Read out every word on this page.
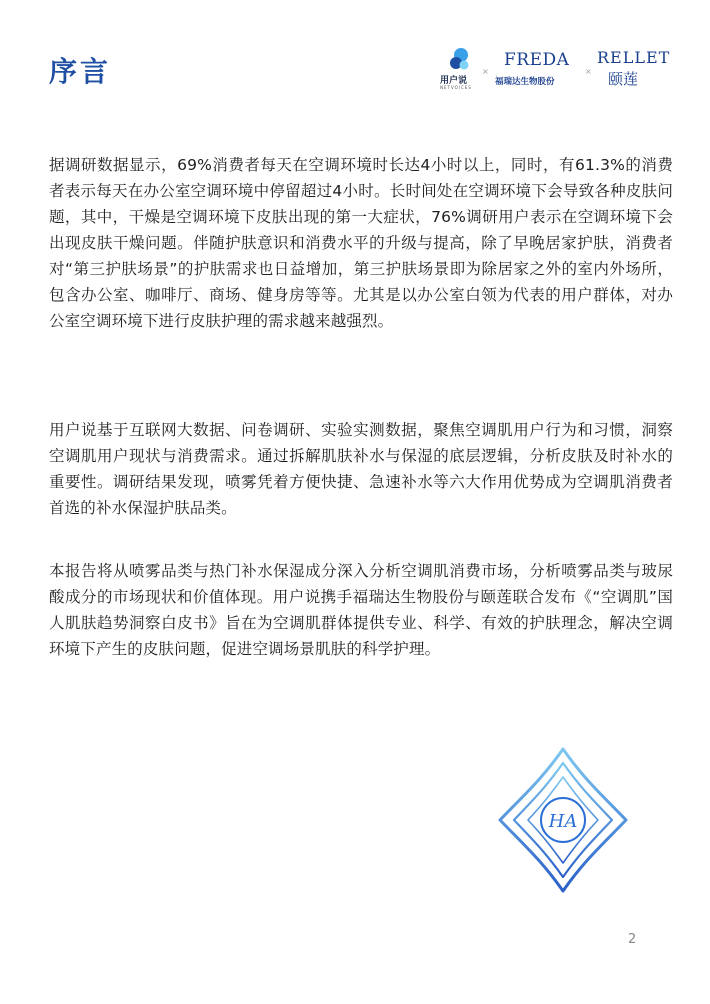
序言	用户说
NETVOICES
×
FREDA
福瑞达生物股份
×
RELLET
颐莲

据调研数据显示，69%消费者每天在空调环境时长达4小时以上，同时，有61.3%的消费者表示每天在办公室空调环境中停留超过4小时。长时间处在空调环境下会导致各种皮肤问题，其中，干燥是空调环境下皮肤出现的第一大症状，76%调研用户表示在空调环境下会出现皮肤干燥问题。伴随护肤意识和消费水平的升级与提高，除了早晚居家护肤，消费者对“第三护肤场景”的护肤需求也日益增加，第三护肤场景即为除居家之外的室内外场所，包含办公室、咖啡厅、商场、健身房等等。尤其是以办公室白领为代表的用户群体，对办公室空调环境下进行皮肤护理的需求越来越强烈。

用户说基于互联网大数据、问卷调研、实验实测数据，聚焦空调肌用户行为和习惯，洞察空调肌用户现状与消费需求。通过拆解肌肤补水与保湿的底层逻辑，分析皮肤及时补水的重要性。调研结果发现，喷雾凭着方便快捷、急速补水等六大作用优势成为空调肌消费者首选的补水保湿护肤品类。

本报告将从喷雾品类与热门补水保湿成分深入分析空调肌消费市场，分析喷雾品类与玻尿酸成分的市场现状和价值体现。用户说携手福瑞达生物股份与颐莲联合发布《“空调肌”国人肌肤趋势洞察白皮书》旨在为空调肌群体提供专业、科学、有效的护肤理念，解决空调环境下产生的皮肤问题，促进空调场景肌肤的科学护理。

HA
2
